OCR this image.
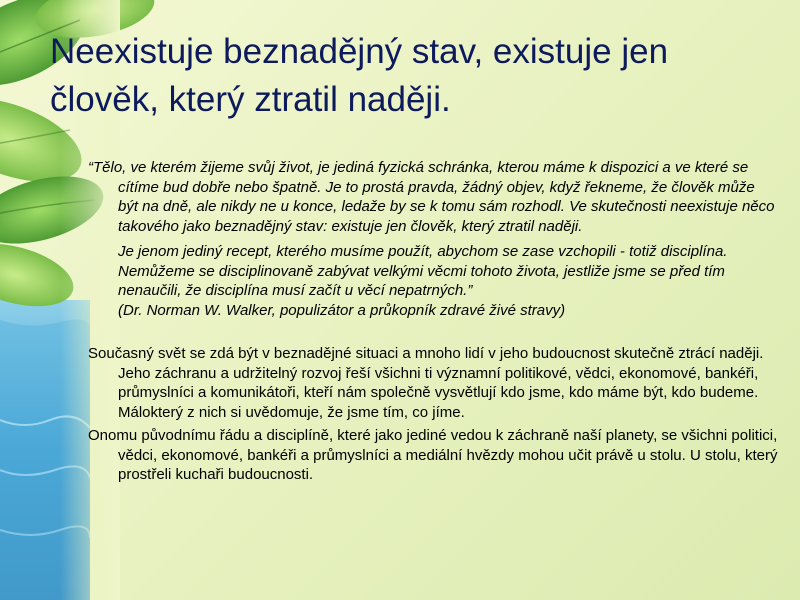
Neexistuje beznadějný stav, existuje jen člověk, který ztratil naději.

“Tělo, ve kterém žijeme svůj život, je jediná fyzická schránka, kterou máme k dispozici a ve které se cítíme bud dobře nebo špatně. Je to prostá pravda, žádný objev, když řekneme, že člověk může být na dně, ale nikdy ne u konce, ledaže by se k tomu sám rozhodl. Ve skutečnosti neexistuje něco takového jako beznadějný stav: existuje jen člověk, který ztratil naději.

Je jenom jediný recept, kterého musíme použít, abychom se zase vzchopili - totiž disciplína. Nemůžeme se disciplinovaně zabývat velkými věcmi tohoto života, jestliže jsme se před tím nenaučili, že disciplína musí začít u věcí nepatrných.”

(Dr. Norman W. Walker, populizátor a průkopník zdravé živé stravy)

Současný svět se zdá být v beznadějné situaci a mnoho lidí v jeho budoucnost skutečně ztrácí naději. Jeho záchranu a udržitelný rozvoj řeší všichni ti významní politikové, vědci, ekonomové, bankéři, průmyslníci a komunikátoři, kteří nám společně vysvětlují kdo jsme, kdo máme být, kdo budeme. Málokterý z nich si uvědomuje, že jsme tím, co jíme.

Onomu původnímu řádu a disciplíně, které jako jediné vedou k záchraně naší planety, se všichni politici, vědci, ekonomové, bankéři a průmyslníci a mediální hvězdy mohou učit právě u stolu. U stolu, který prostřeli kuchaři budoucnosti.
